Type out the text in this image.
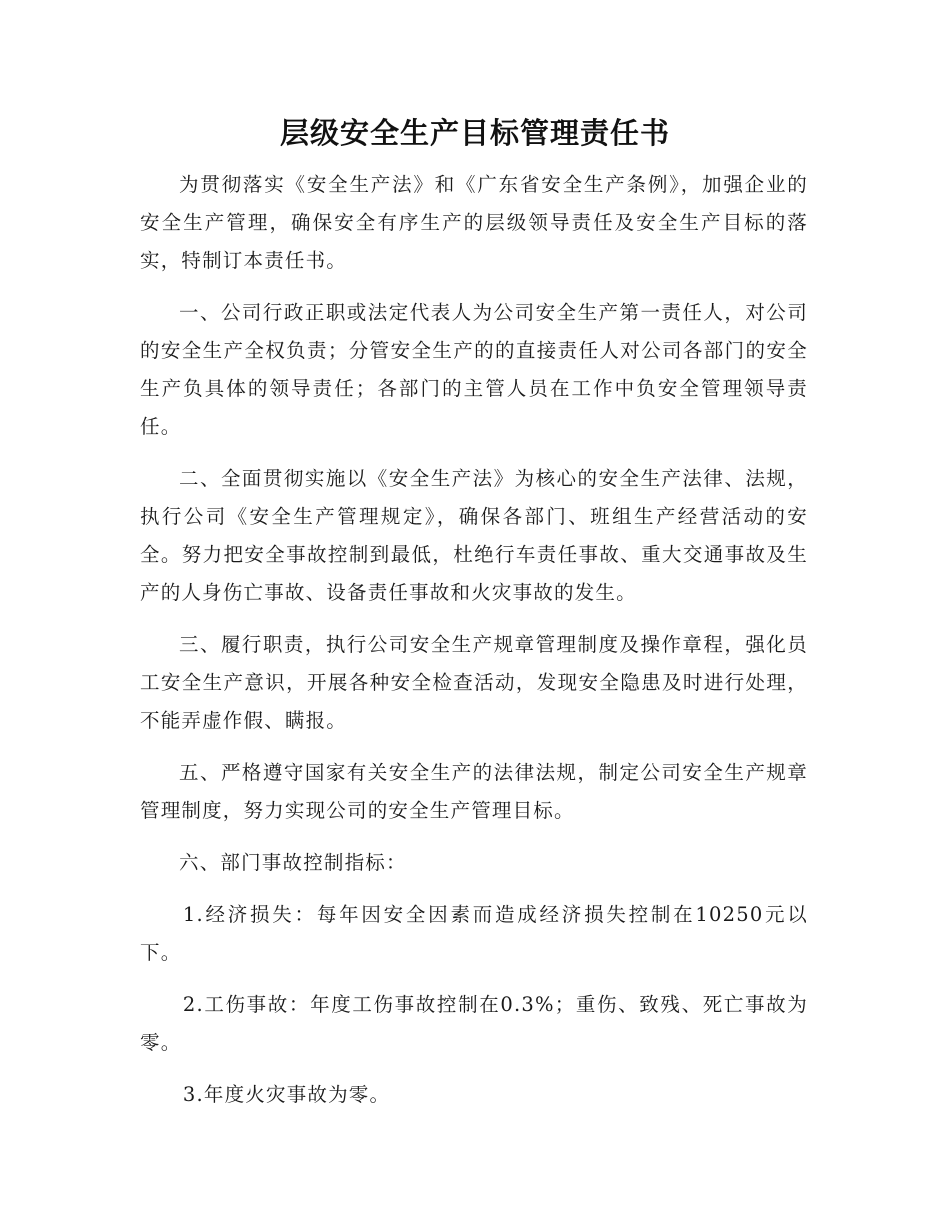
层级安全生产目标管理责任书

为贯彻落实《安全生产法》和《广东省安全生产条例》，加强企业的安全生产管理，确保安全有序生产的层级领导责任及安全生产目标的落实，特制订本责任书。

一、公司行政正职或法定代表人为公司安全生产第一责任人，对公司的安全生产全权负责；分管安全生产的的直接责任人对公司各部门的安全生产负具体的领导责任；各部门的主管人员在工作中负安全管理领导责任。

二、全面贯彻实施以《安全生产法》为核心的安全生产法律、法规，执行公司《安全生产管理规定》，确保各部门、班组生产经营活动的安全。努力把安全事故控制到最低，杜绝行车责任事故、重大交通事故及生产的人身伤亡事故、设备责任事故和火灾事故的发生。

三、履行职责，执行公司安全生产规章管理制度及操作章程，强化员工安全生产意识，开展各种安全检查活动，发现安全隐患及时进行处理，不能弄虚作假、瞒报。

五、严格遵守国家有关安全生产的法律法规，制定公司安全生产规章管理制度，努力实现公司的安全生产管理目标。

六、部门事故控制指标：

1.经济损失：每年因安全因素而造成经济损失控制在10250元以下。

2.工伤事故：年度工伤事故控制在0.3%；重伤、致残、死亡事故为零。

3.年度火灾事故为零。
